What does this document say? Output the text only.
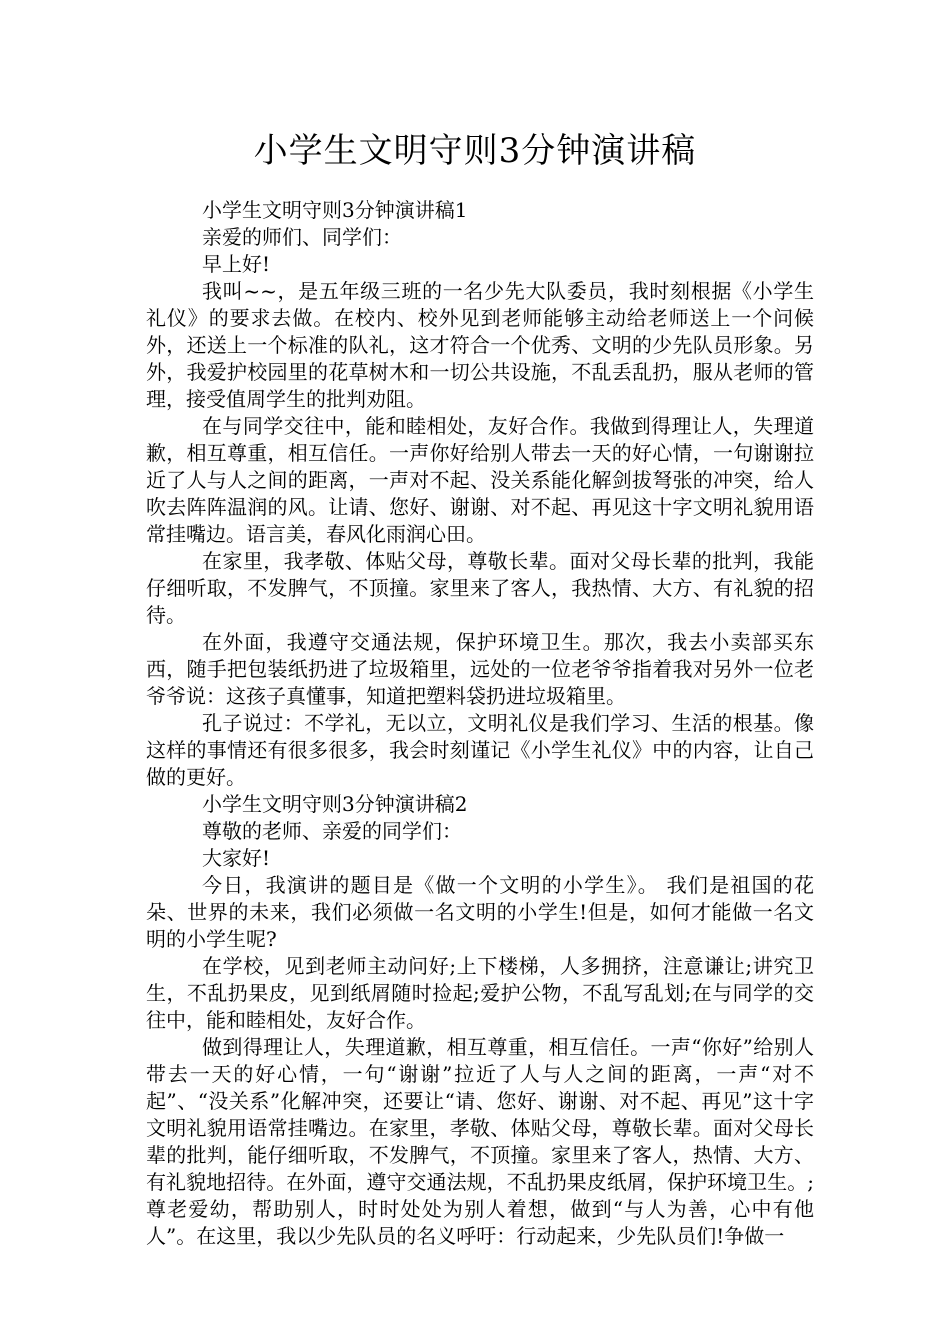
小学生文明守则3分钟演讲稿

小学生文明守则3分钟演讲稿1

亲爱的师们、同学们：

早上好!

我叫~~，是五年级三班的一名少先大队委员，我时刻根据《小学生礼仪》的要求去做。在校内、校外见到老师能够主动给老师送上一个问候外，还送上一个标准的队礼，这才符合一个优秀、文明的少先队员形象。另外，我爱护校园里的花草树木和一切公共设施，不乱丢乱扔，服从老师的管理，接受值周学生的批判劝阻。

在与同学交往中，能和睦相处，友好合作。我做到得理让人，失理道歉，相互尊重，相互信任。一声你好给别人带去一天的好心情，一句谢谢拉近了人与人之间的距离，一声对不起、没关系能化解剑拔弩张的冲突，给人吹去阵阵温润的风。让请、您好、谢谢、对不起、再见这十字文明礼貌用语常挂嘴边。语言美，春风化雨润心田。

在家里，我孝敬、体贴父母，尊敬长辈。面对父母长辈的批判，我能仔细听取，不发脾气，不顶撞。家里来了客人，我热情、大方、有礼貌的招待。

在外面，我遵守交通法规，保护环境卫生。那次，我去小卖部买东西，随手把包装纸扔进了垃圾箱里，远处的一位老爷爷指着我对另外一位老爷爷说：这孩子真懂事，知道把塑料袋扔进垃圾箱里。

孔子说过：不学礼，无以立，文明礼仪是我们学习、生活的根基。像这样的事情还有很多很多，我会时刻谨记《小学生礼仪》中的内容，让自己做的更好。

小学生文明守则3分钟演讲稿2

尊敬的老师、亲爱的同学们：

大家好!

今日，我演讲的题目是《做一个文明的小学生》。 我们是祖国的花朵、世界的未来，我们必须做一名文明的小学生!但是，如何才能做一名文明的小学生呢?

在学校，见到老师主动问好;上下楼梯，人多拥挤，注意谦让;讲究卫生，不乱扔果皮，见到纸屑随时捡起;爱护公物，不乱写乱划;在与同学的交往中，能和睦相处，友好合作。

做到得理让人，失理道歉，相互尊重，相互信任。一声“你好”给别人带去一天的好心情，一句“谢谢”拉近了人与人之间的距离，一声“对不起”、“没关系”化解冲突，还要让“请、您好、谢谢、对不起、再见”这十字文明礼貌用语常挂嘴边。在家里，孝敬、体贴父母，尊敬长辈。面对父母长辈的批判，能仔细听取，不发脾气，不顶撞。家里来了客人，热情、大方、有礼貌地招待。在外面，遵守交通法规，不乱扔果皮纸屑，保护环境卫生。;尊老爱幼，帮助别人，时时处处为别人着想，做到“与人为善，心中有他人”。在这里，我以少先队员的名义呼吁：行动起来，少先队员们!争做一
